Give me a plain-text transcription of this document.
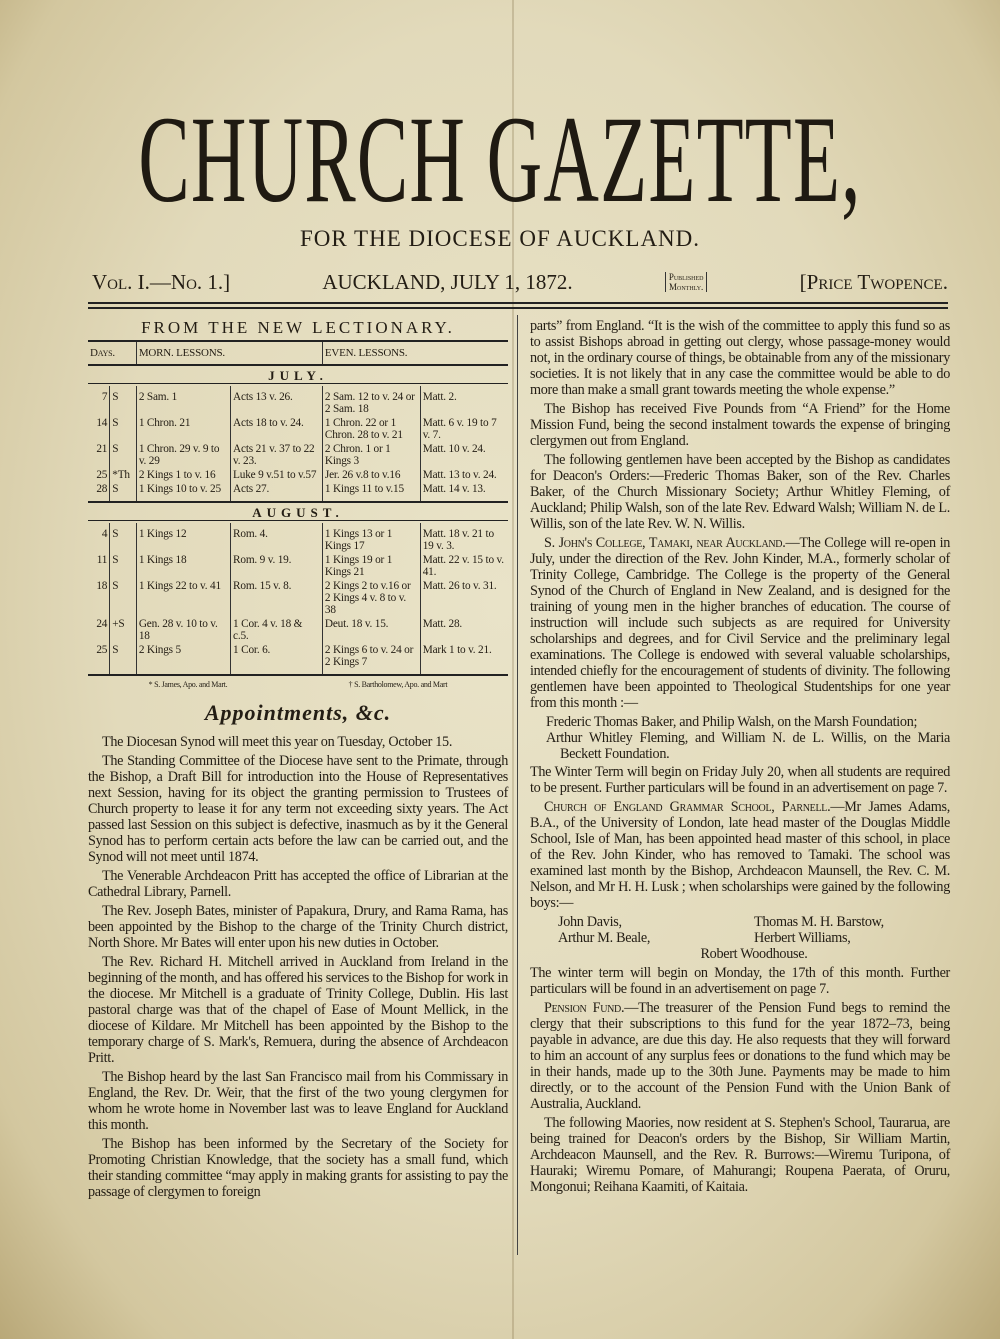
CHURCH GAZETTE,
FOR THE DIOCESE OF AUCKLAND.
Vol. I.—No. 1.]	AUCKLAND, JULY 1, 1872.	Published
Monthly.	[Price Twopence.
FROM THE NEW LECTIONARY.
Days.		MORN. LESSONS.		EVEN. LESSONS.	

JULY.					

7	S	2 Sam. 1	Acts 13 v. 26.	2 Sam. 12 to v. 24 or 2 Sam. 18	Matt. 2.
14	S	1 Chron. 21	Acts 18 to v. 24.	1 Chron. 22 or 1 Chron. 28 to v. 21	Matt. 6 v. 19 to 7 v. 7.
21	S	1 Chron. 29 v. 9 to v. 29	Acts 21 v. 37 to 22 v. 23.	2 Chron. 1 or 1 Kings 3	Matt. 10 v. 24.
25	*Th	2 Kings 1 to v. 16	Luke 9 v.51 to v.57	Jer. 26 v.8 to v.16	Matt. 13 to v. 24.
28	S	1 Kings 10 to v. 25	Acts 27.	1 Kings 11 to v.15	Matt. 14 v. 13.

AUGUST.					

4	S	1 Kings 12	Rom. 4.	1 Kings 13 or 1 Kings 17	Matt. 18 v. 21 to 19 v. 3.
11	S	1 Kings 18	Rom. 9 v. 19.	1 Kings 19 or 1 Kings 21	Matt. 22 v. 15 to v. 41.
18	S	1 Kings 22 to v. 41	Rom. 15 v. 8.	2 Kings 2 to v.16 or 2 Kings 4 v. 8 to v. 38	Matt. 26 to v. 31.
24	+S	Gen. 28 v. 10 to v. 18	1 Cor. 4 v. 18 & c.5.	Deut. 18 v. 15.	Matt. 28.
25	S	2 Kings 5	1 Cor. 6.	2 Kings 6 to v. 24 or 2 Kings 7	Mark 1 to v. 21.
* S. James, Apo. and Mart.	† S. Bartholomew, Apo. and Mart
Appointments, &c.

The Diocesan Synod will meet this year on Tuesday, October 15.

The Standing Committee of the Diocese have sent to the Primate, through the Bishop, a Draft Bill for introduction into the House of Representatives next Session, having for its object the granting permission to Trustees of Church property to lease it for any term not exceeding sixty years. The Act passed last Session on this subject is defective, inasmuch as by it the General Synod has to perform certain acts before the law can be carried out, and the Synod will not meet until 1874.

The Venerable Archdeacon Pritt has accepted the office of Librarian at the Cathedral Library, Parnell.

The Rev. Joseph Bates, minister of Papakura, Drury, and Rama Rama, has been appointed by the Bishop to the charge of the Trinity Church district, North Shore. Mr Bates will enter upon his new duties in October.

The Rev. Richard H. Mitchell arrived in Auckland from Ireland in the beginning of the month, and has offered his services to the Bishop for work in the diocese. Mr Mitchell is a graduate of Trinity College, Dublin. His last pastoral charge was that of the chapel of Ease of Mount Mellick, in the diocese of Kildare. Mr Mitchell has been appointed by the Bishop to the temporary charge of S. Mark's, Remuera, during the absence of Archdeacon Pritt.

The Bishop heard by the last San Francisco mail from his Commissary in England, the Rev. Dr. Weir, that the first of the two young clergymen for whom he wrote home in November last was to leave England for Auckland this month.

The Bishop has been informed by the Secretary of the Society for Promoting Christian Knowledge, that the society has a small fund, which their standing committee “may apply in making grants for assisting to pay the passage of clergymen to foreign

parts” from England. “It is the wish of the committee to apply this fund so as to assist Bishops abroad in getting out clergy, whose passage-money would not, in the ordinary course of things, be obtainable from any of the missionary societies. It is not likely that in any case the committee would be able to do more than make a small grant towards meeting the whole expense.”

The Bishop has received Five Pounds from “A Friend” for the Home Mission Fund, being the second instalment towards the expense of bringing clergymen out from England.

The following gentlemen have been accepted by the Bishop as candidates for Deacon's Orders:—Frederic Thomas Baker, son of the Rev. Charles Baker, of the Church Missionary Society; Arthur Whitley Fleming, of Auckland; Philip Walsh, son of the late Rev. Edward Walsh; William N. de L. Willis, son of the late Rev. W. N. Willis.

S. John's College, Tamaki, near Auckland.—The College will re-open in July, under the direction of the Rev. John Kinder, M.A., formerly scholar of Trinity College, Cambridge. The College is the property of the General Synod of the Church of England in New Zealand, and is designed for the training of young men in the higher branches of education. The course of instruction will include such subjects as are required for University scholarships and degrees, and for Civil Service and the preliminary legal examinations. The College is endowed with several valuable scholarships, intended chiefly for the encouragement of students of divinity. The following gentlemen have been appointed to Theological Studentships for one year from this month :—

Frederic Thomas Baker, and Philip Walsh, on the Marsh Foundation;
Arthur Whitley Fleming, and William N. de L. Willis, on the Maria Beckett Foundation.

The Winter Term will begin on Friday July 20, when all students are required to be present. Further particulars will be found in an advertisement on page 7.

Church of England Grammar School, Parnell.—Mr James Adams, B.A., of the University of London, late head master of the Douglas Middle School, Isle of Man, has been appointed head master of this school, in place of the Rev. John Kinder, who has removed to Tamaki. The school was examined last month by the Bishop, Archdeacon Maunsell, the Rev. C. M. Nelson, and Mr H. H. Lusk ; when scholarships were gained by the following boys:—

John Davis,	Thomas M. H. Barstow,
Arthur M. Beale,	Herbert Williams,
Robert Woodhouse.

The winter term will begin on Monday, the 17th of this month. Further particulars will be found in an advertisement on page 7.

Pension Fund.—The treasurer of the Pension Fund begs to remind the clergy that their subscriptions to this fund for the year 1872–73, being payable in advance, are due this day. He also requests that they will forward to him an account of any surplus fees or donations to the fund which may be in their hands, made up to the 30th June. Payments may be made to him directly, or to the account of the Pension Fund with the Union Bank of Australia, Auckland.

The following Maories, now resident at S. Stephen's School, Taurarua, are being trained for Deacon's orders by the Bishop, Sir William Martin, Archdeacon Maunsell, and the Rev. R. Burrows:—Wiremu Turipona, of Hauraki; Wiremu Pomare, of Mahurangi; Roupena Paerata, of Oruru, Mongonui; Reihana Kaamiti, of Kaitaia.
